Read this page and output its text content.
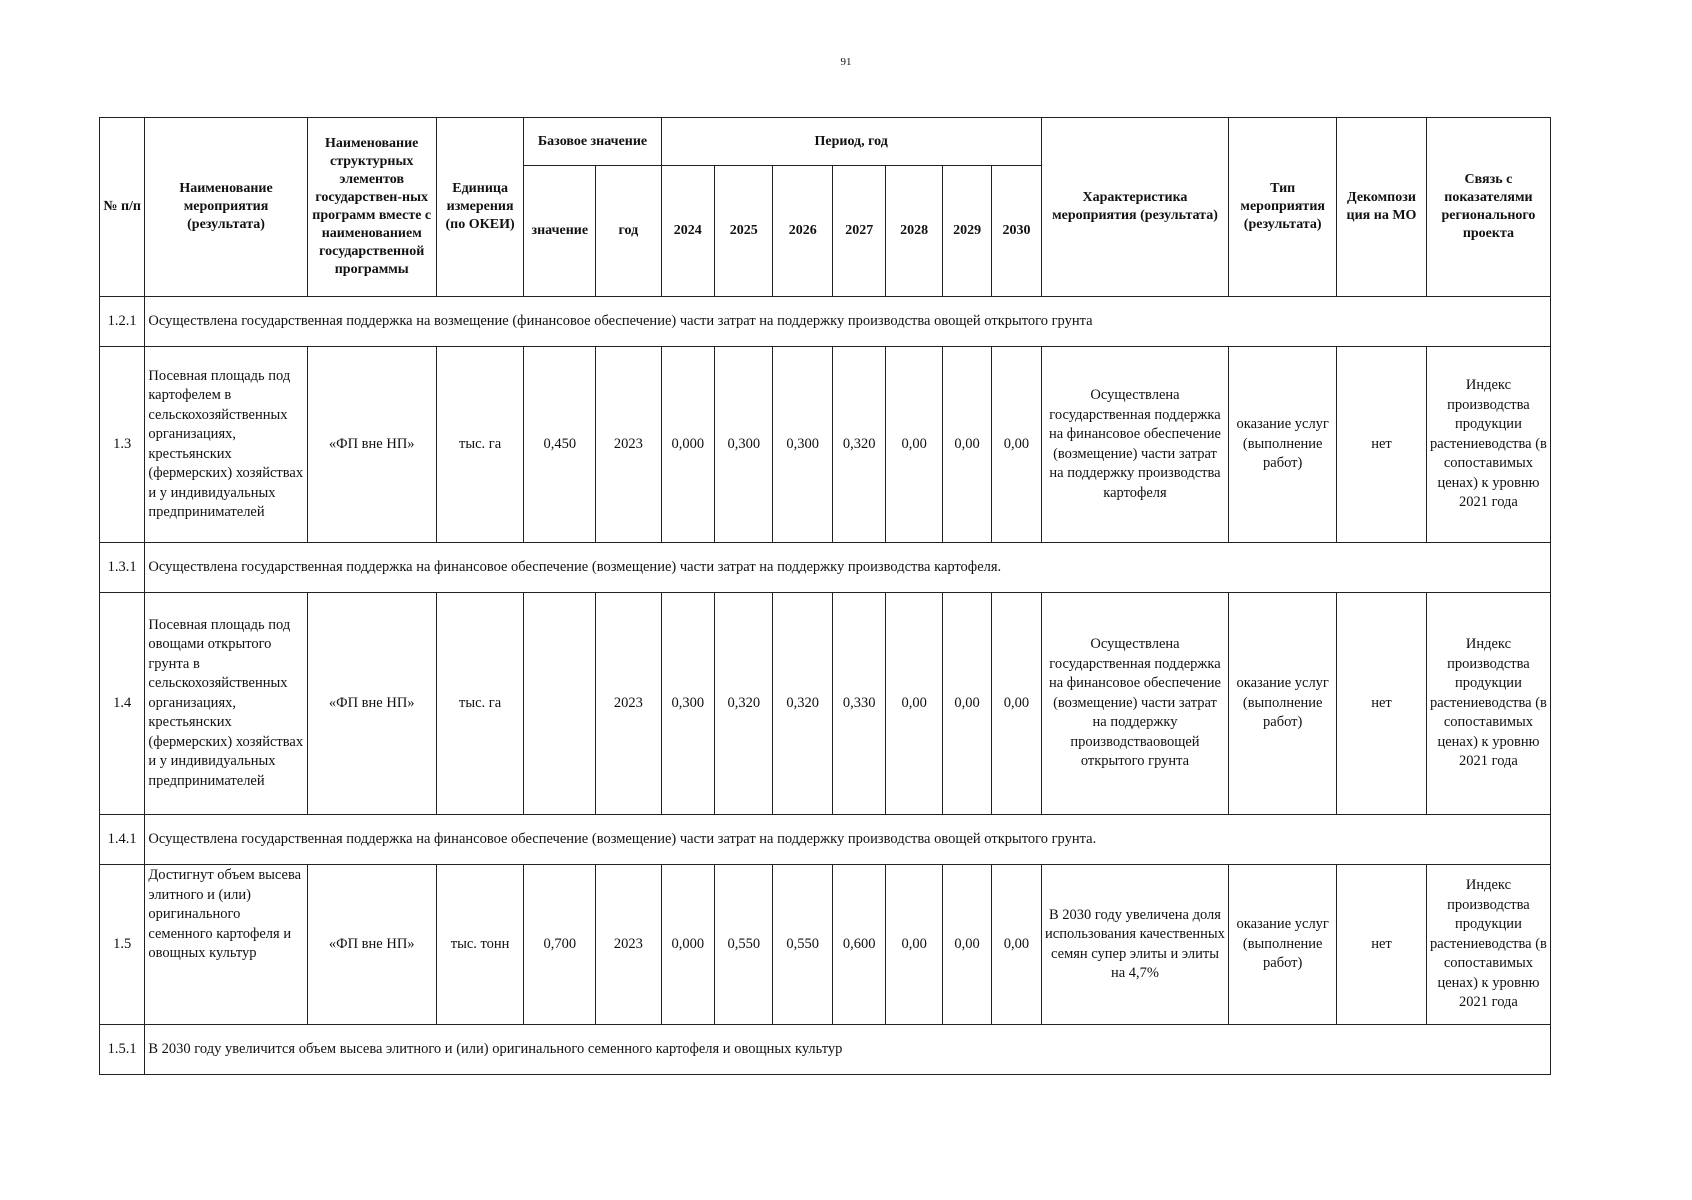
91
№ п/п	Наименование мероприятия (результата)	Наименование структурных элементов государствен-ных программ вместе с наименованием государственной программы	Единица измерения (по ОКЕИ)	Базовое значение		Период, год							Характеристика мероприятия (результата)	Тип мероприятия (результата)	Декомпози ция на МО	Связь с показателями регионального проекта
				значение	год	2024	2025	2026	2027	2028	2029	2030				
1.2.1	Осуществлена государственная поддержка на возмещение (финансовое обеспечение) части затрат на поддержку производства овощей открытого грунта															
1.3	Посевная площадь под картофелем в сельскохозяйственных организациях, крестьянских (фермерских) хозяйствах и у индивидуальных предпринимателей	«ФП вне НП»	тыс. га	0,450	2023	0,000	0,300	0,300	0,320	0,00	0,00	0,00	Осуществлена государственная поддержка на финансовое обеспечение (возмещение) части затрат на поддержку производства картофеля	оказание услуг (выполнение работ)	нет	Индекс производства продукции растениеводства (в сопоставимых ценах) к уровню 2021 года
1.3.1	Осуществлена государственная поддержка на финансовое обеспечение (возмещение) части затрат на поддержку производства картофеля.															
1.4	Посевная площадь под овощами открытого грунта в сельскохозяйственных организациях, крестьянских (фермерских) хозяйствах и у индивидуальных предпринимателей	«ФП вне НП»	тыс. га		2023	0,300	0,320	0,320	0,330	0,00	0,00	0,00	Осуществлена государственная поддержка на финансовое обеспечение (возмещение) части затрат на поддержку производстваовощей открытого грунта	оказание услуг (выполнение работ)	нет	Индекс производства продукции растениеводства (в сопоставимых ценах) к уровню 2021 года
1.4.1	Осуществлена государственная поддержка на финансовое обеспечение (возмещение) части затрат на поддержку производства овощей открытого грунта.															
1.5	Достигнут объем высева элитного и (или) оригинального семенного картофеля и овощных культур	«ФП вне НП»	тыс. тонн	0,700	2023	0,000	0,550	0,550	0,600	0,00	0,00	0,00	В 2030 году увеличена доля использования качественных семян супер элиты и элиты на 4,7%	оказание услуг (выполнение работ)	нет	Индекс производства продукции растениеводства (в сопоставимых ценах) к уровню 2021 года
1.5.1	В 2030 году увеличится объем высева элитного и (или) оригинального семенного картофеля и овощных культур															
